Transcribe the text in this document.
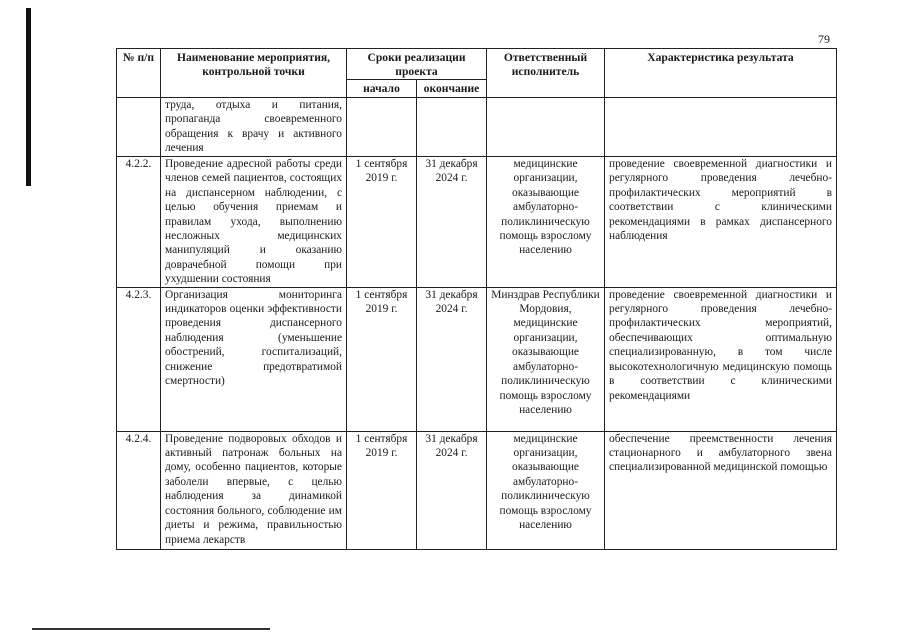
79
№ п/п	Наименование мероприятия, контрольной точки	Сроки реализации проекта		Ответственный исполнитель	Характеристика результата
		начало	окончание		
	труда, отдыха и питания, пропаганда своевременного обращения к врачу и активного лечения				
4.2.2.	Проведение адресной работы среди членов семей пациентов, состоящих на диспансерном наблюдении, с целью обучения приемам и правилам ухода, выполнению несложных медицинских манипуляций и оказанию доврачебной помощи при ухудшении состояния	1 сентября 2019 г.	31 декабря 2024 г.	медицинские организации, оказывающие амбулаторно-поликлиническую помощь взрослому населению	проведение своевременной диагностики и регулярного проведения лечебно-профилактических мероприятий в соответствии с клиническими рекомендациями в рамках диспансерного наблюдения
4.2.3.	Организация мониторинга индикаторов оценки эффективности проведения диспансерного наблюдения (уменьшение обострений, госпитализаций, снижение предотвратимой смертности)	1 сентября 2019 г.	31 декабря 2024 г.	Минздрав Республики Мордовия, медицинские организации, оказывающие амбулаторно-поликлиническую помощь взрослому населению	проведение своевременной диагностики и регулярного проведения лечебно-профилактических мероприятий, обеспечивающих оптимальную специализированную, в том числе высокотехнологичную медицинскую помощь в соответствии с клиническими рекомендациями
4.2.4.	Проведение подворовых обходов и активный патронаж больных на дому, особенно пациентов, которые заболели впервые, с целью наблюдения за динамикой состояния больного, соблюдение им диеты и режима, правильностью приема лекарств	1 сентября 2019 г.	31 декабря 2024 г.	медицинские организации, оказывающие амбулаторно-поликлиническую помощь взрослому населению	обеспечение преемственности лечения стационарного и амбулаторного звена специализированной медицинской помощью
